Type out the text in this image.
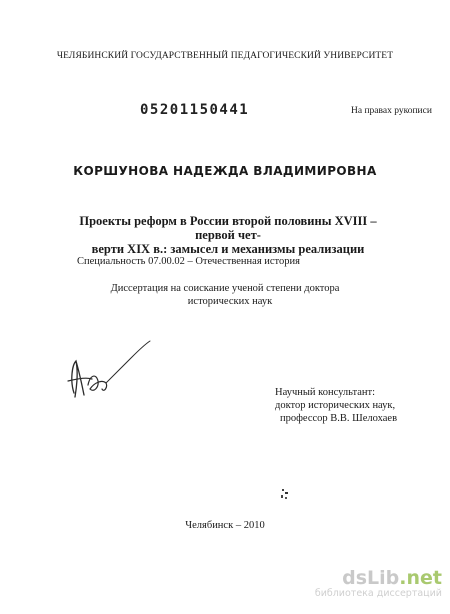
ЧЕЛЯБИНСКИЙ ГОСУДАРСТВЕННЫЙ ПЕДАГОГИЧЕСКИЙ УНИВЕРСИТЕТ
05201150441	На правах рукописи
КОРШУНОВА НАДЕЖДА ВЛАДИМИРОВНА
Проекты реформ в России второй половины XVIII – первой чет-
верти XIX в.: замысел и механизмы реализации
Специальность 07.00.02 – Отечественная история
Диссертация на соискание ученой степени доктора
исторических наук
Научный консультант:
доктор исторических наук,
профессор В.В. Шелохаев
Челябинск – 2010
dsLib.net
библиотека диссертаций
